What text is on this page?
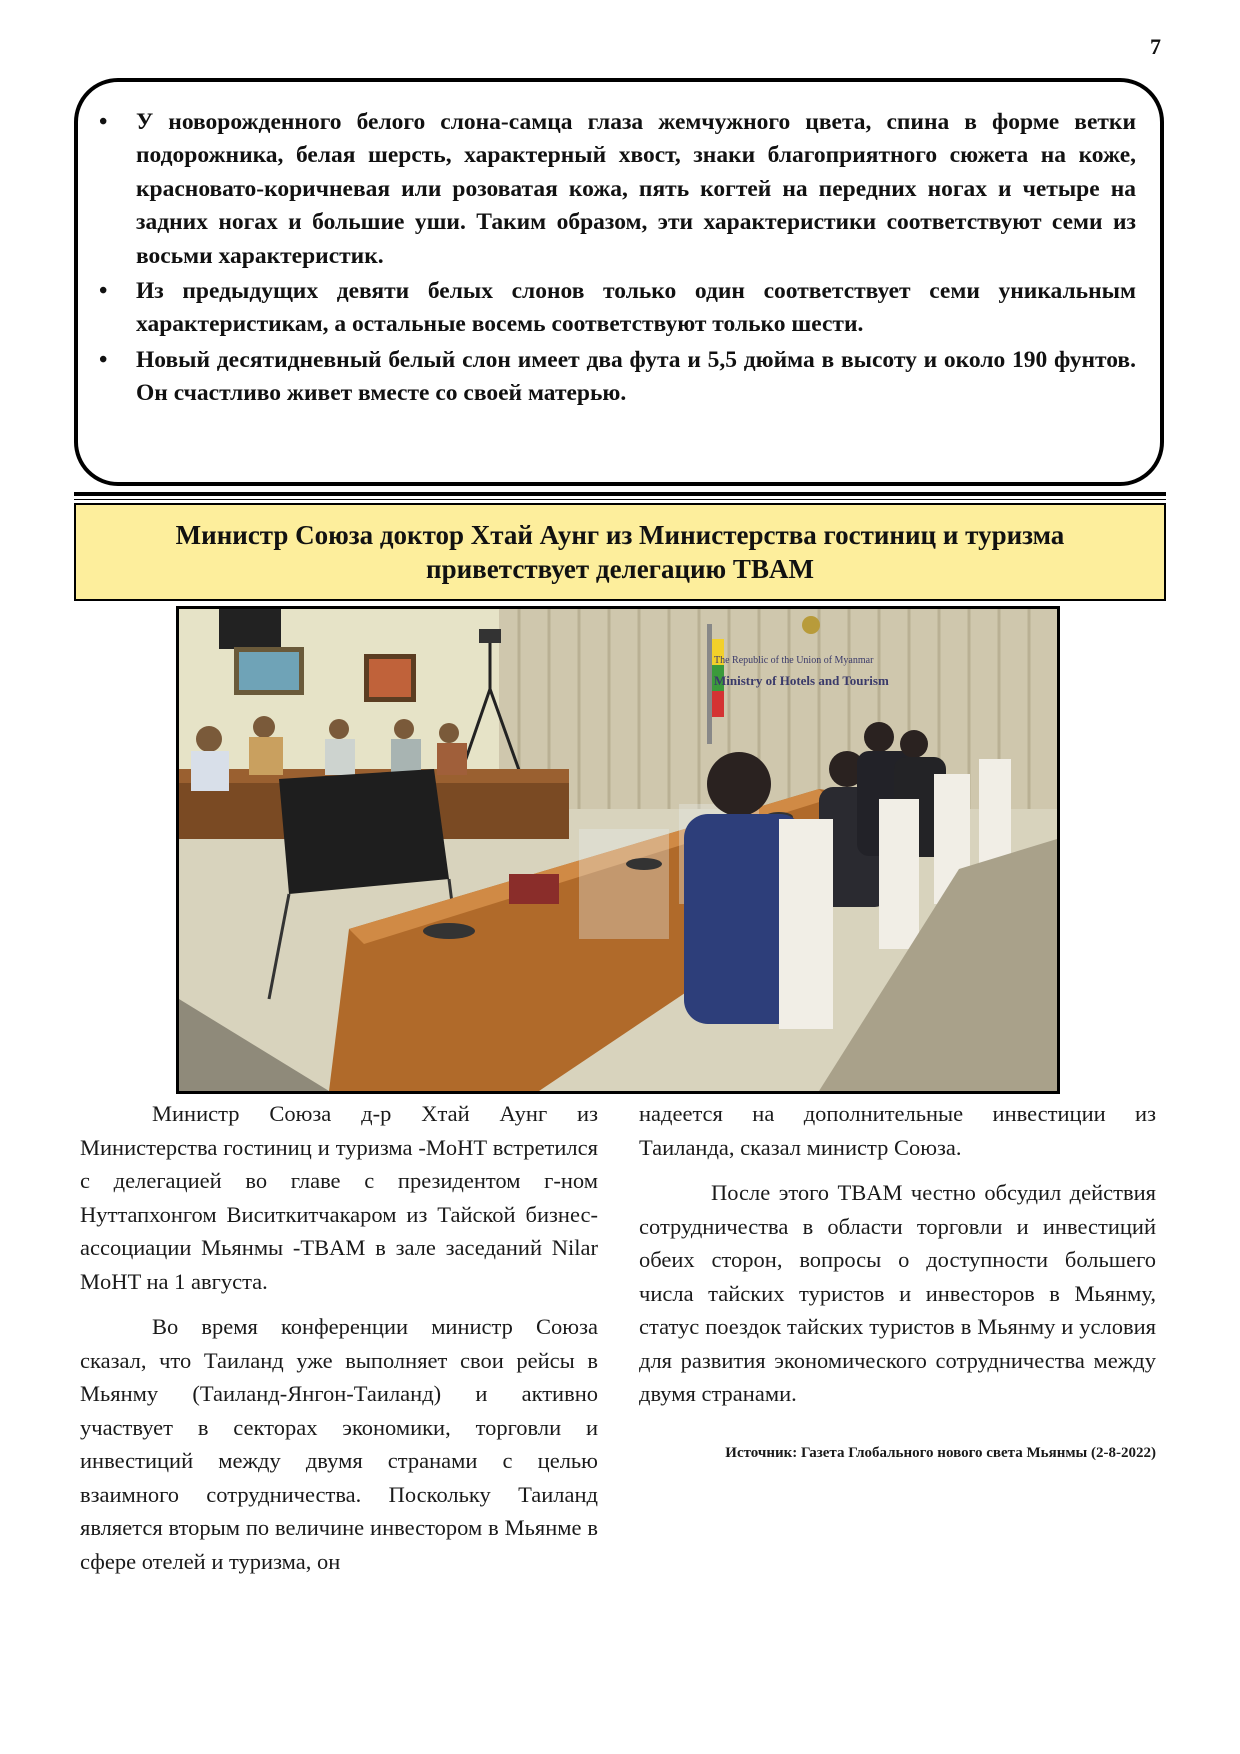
7
• У новорожденного белого слона-самца глаза жемчужного цвета, спина в форме ветки подорожника, белая шерсть, характерный хвост, знаки благоприятного сюжета на коже, красновато-коричневая или розоватая кожа, пять когтей на передних ногах и четыре на задних ногах и большие уши. Таким образом, эти характеристики соответствуют семи из восьми характеристик.
• Из предыдущих девяти белых слонов только один соответствует семи уникальным характеристикам, а остальные восемь соответствуют только шести.
• Новый десятидневный белый слон имеет два фута и 5,5 дюйма в высоту и около 190 фунтов. Он счастливо живет вместе со своей матерью.
Министр Союза доктор Хтай Аунг из Министерства гостиниц и туризма
приветствует делегацию TBAM
The Republic of the Union of Myanmar
Ministry of Hotels and Tourism

Министр Союза д-р Хтай Аунг из Министерства гостиниц и туризма -MoHT встретился с делегацией во главе с президентом г-ном Нуттапхонгом Виситкитчакаром из Тайской бизнес-ассоциации Мьянмы -TBAM в зале заседаний Nilar MoHT на 1 августа.

Во время конференции министр Союза сказал, что Таиланд уже выполняет свои рейсы в Мьянму (Таиланд-Янгон-Таиланд) и активно участвует в секторах экономики, торговли и инвестиций между двумя странами с целью взаимного сотрудничества. Поскольку Таиланд является вторым по величине инвестором в Мьянме в сфере отелей и туризма, он

надеется на дополнительные инвестиции из Таиланда, сказал министр Союза.

После этого TBAM честно обсудил действия сотрудничества в области торговли и инвестиций обеих сторон, вопросы о доступности большего числа тайских туристов и инвесторов в Мьянму, статус поездок тайских туристов в Мьянму и условия для развития экономического сотрудничества между двумя странами.

Источник: Газета Глобального нового света Мьянмы (2-8-2022)
